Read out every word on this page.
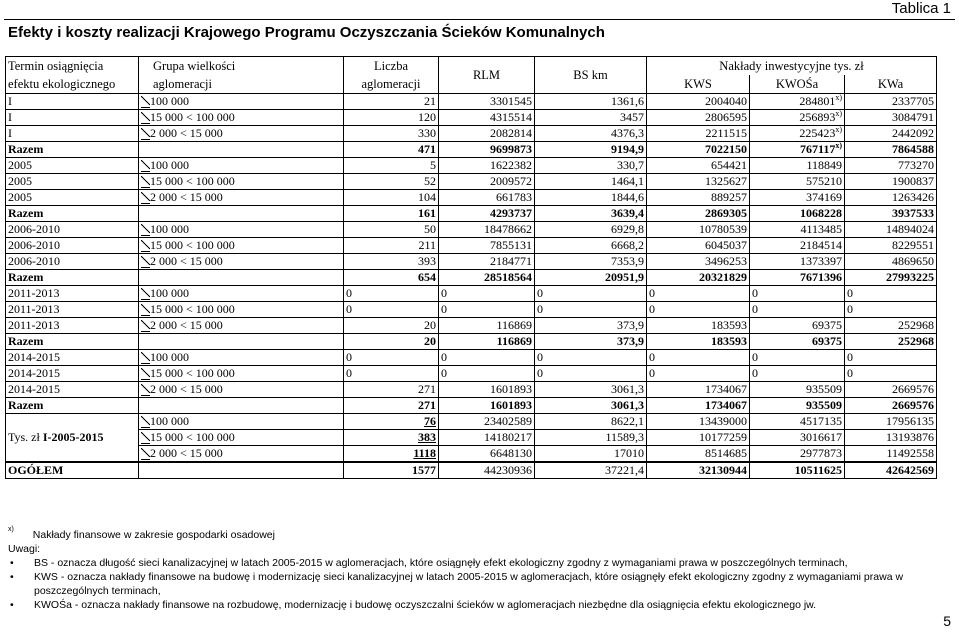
Tablica 1
Efekty i koszty realizacji Krajowego Programu Oczyszczania Ścieków Komunalnych
Termin osiągnięcia	Grupa wielkości	Liczba	RLM	BS km	Nakłady inwestycyjne tys. zł		
efektu ekologicznego	aglomeracji	aglomeracji			KWS	KWOŚa	KWa
I	100 000	21	3301545	1361,6	2004040	284801$^{x)}$	2337705
I	15 000 < 100 000	120	4315514	3457	2806595	256893$^{x)}$	3084791
I	2 000 < 15 000	330	2082814	4376,3	2211515	225423$^{x)}$	2442092
Razem		471	9699873	9194,9	7022150	767117$^{x)}$	7864588
2005	100 000	5	1622382	330,7	654421	118849	773270
2005	15 000 < 100 000	52	2009572	1464,1	1325627	575210	1900837
2005	2 000 < 15 000	104	661783	1844,6	889257	374169	1263426
Razem		161	4293737	3639,4	2869305	1068228	3937533
2006-2010	100 000	50	18478662	6929,8	10780539	4113485	14894024
2006-2010	15 000 < 100 000	211	7855131	6668,2	6045037	2184514	8229551
2006-2010	2 000 < 15 000	393	2184771	7353,9	3496253	1373397	4869650
Razem		654	28518564	20951,9	20321829	7671396	27993225
2011-2013	100 000	0	0	0	0	0	0
2011-2013	15 000 < 100 000	0	0	0	0	0	0
2011-2013	2 000 < 15 000	20	116869	373,9	183593	69375	252968
Razem		20	116869	373,9	183593	69375	252968
2014-2015	100 000	0	0	0	0	0	0
2014-2015	15 000 < 100 000	0	0	0	0	0	0
2014-2015	2 000 < 15 000	271	1601893	3061,3	1734067	935509	2669576
Razem		271	1601893	3061,3	1734067	935509	2669576
Tys. zł I-2005-2015	100 000	76	23402589	8622,1	13439000	4517135	17956135
	15 000 < 100 000	383	14180217	11589,3	10177259	3016617	13193876
	2 000 < 15 000	1118	6648130	17010	8514685	2977873	11492558
OGÓŁEM		1577	44230936	37221,4	32130944	10511625	42642569
$^{x)}$ Nakłady finansowe w zakresie gospodarki osadowej
Uwagi:
•	BS - oznacza długość sieci kanalizacyjnej w latach 2005-2015 w aglomeracjach, które osiągnęły efekt ekologiczny zgodny z wymaganiami prawa w poszczególnych terminach,
•	KWS - oznacza nakłady finansowe na budowę i modernizację sieci kanalizacyjnej w latach 2005-2015 w aglomeracjach, które osiągnęły efekt ekologiczny zgodny z wymaganiami prawa w
poszczególnych terminach,
•	KWOŚa - oznacza nakłady finansowe na rozbudowę, modernizację i budowę oczyszczalni ścieków w aglomeracjach niezbędne dla osiągnięcia efektu ekologicznego jw.
5
